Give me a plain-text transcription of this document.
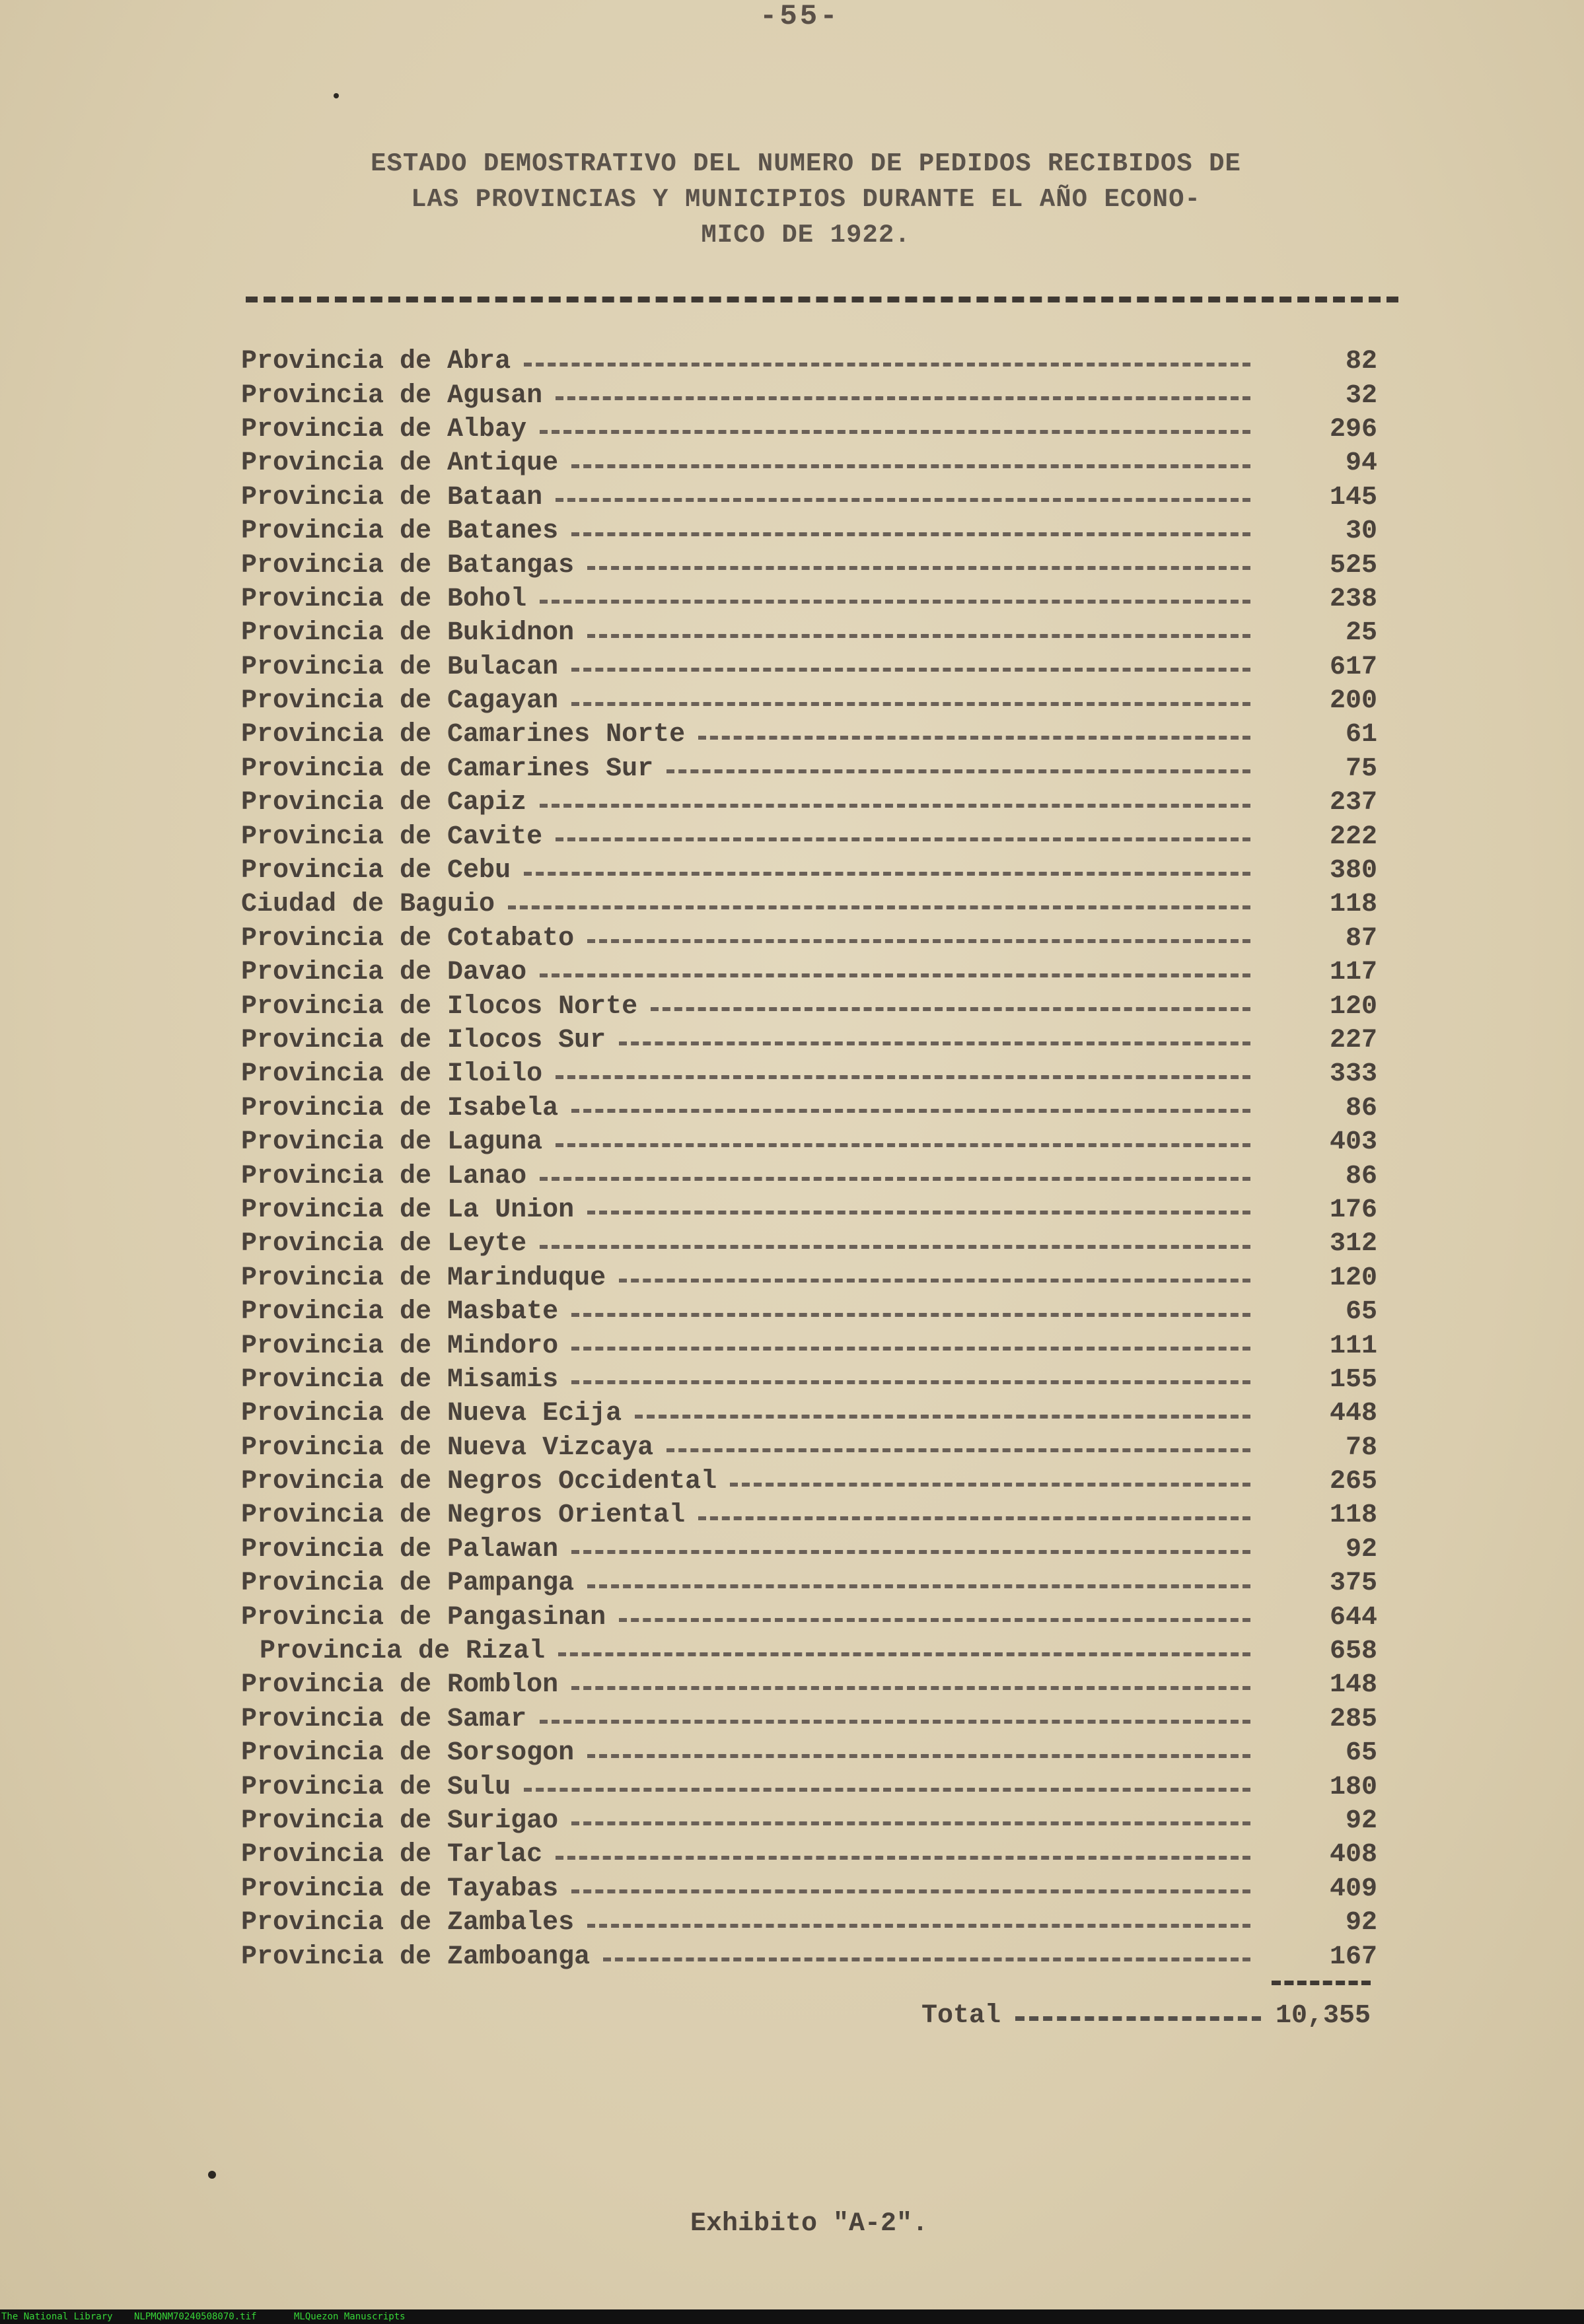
-55-
ESTADO DEMOSTRATIVO DEL NUMERO DE PEDIDOS RECIBIDOS DE
LAS PROVINCIAS Y MUNICIPIOS DURANTE EL AÑO ECONO-
MICO DE 1922.
Provincia de Abra	82
Provincia de Agusan	32
Provincia de Albay	296
Provincia de Antique	94
Provincia de Bataan	145
Provincia de Batanes	30
Provincia de Batangas	525
Provincia de Bohol	238
Provincia de Bukidnon	25
Provincia de Bulacan	617
Provincia de Cagayan	200
Provincia de Camarines Norte	61
Provincia de Camarines Sur	75
Provincia de Capiz	237
Provincia de Cavite	222
Provincia de Cebu	380
Ciudad de Baguio	118
Provincia de Cotabato	87
Provincia de Davao	117
Provincia de Ilocos Norte	120
Provincia de Ilocos Sur	227
Provincia de Iloilo	333
Provincia de Isabela	86
Provincia de Laguna	403
Provincia de Lanao	86
Provincia de La Union	176
Provincia de Leyte	312
Provincia de Marinduque	120
Provincia de Masbate	65
Provincia de Mindoro	111
Provincia de Misamis	155
Provincia de Nueva Ecija	448
Provincia de Nueva Vizcaya	78
Provincia de Negros Occidental	265
Provincia de Negros Oriental	118
Provincia de Palawan	92
Provincia de Pampanga	375
Provincia de Pangasinan	644
Provincia de Rizal	658
Provincia de Romblon	148
Provincia de Samar	285
Provincia de Sorsogon	65
Provincia de Sulu	180
Provincia de Surigao	92
Provincia de Tarlac	408
Provincia de Tayabas	409
Provincia de Zambales	92
Provincia de Zamboanga	167
Total	10,355
Exhibito "A-2".
The National Library NLPMQNM70240508070.tif	MLQuezon Manuscripts
